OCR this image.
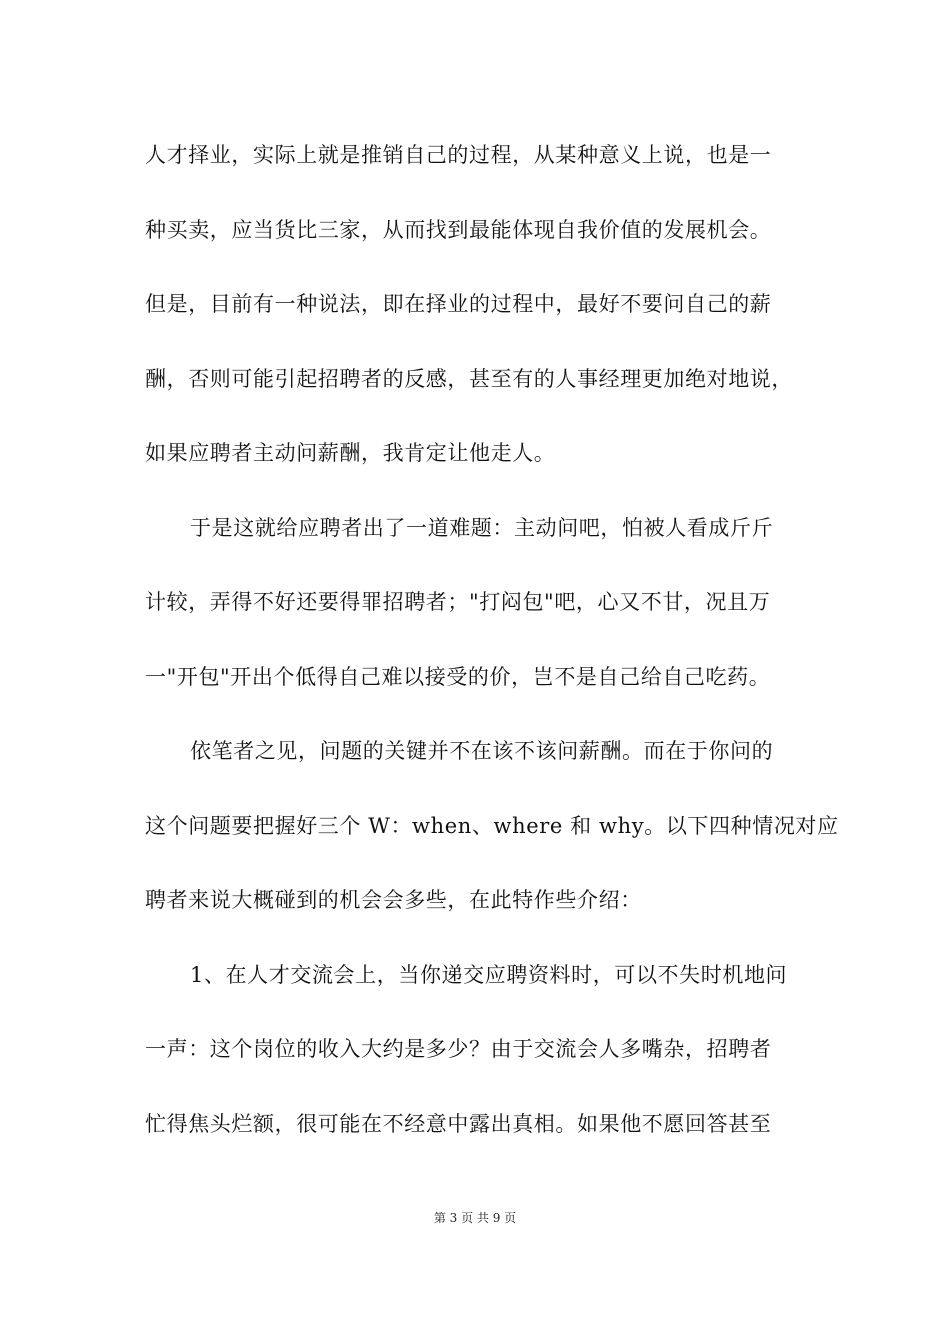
人才择业，实际上就是推销自己的过程，从某种意义上说，也是一
种买卖，应当货比三家，从而找到最能体现自我价值的发展机会。
但是，目前有一种说法，即在择业的过程中，最好不要问自己的薪
酬，否则可能引起招聘者的反感，甚至有的人事经理更加绝对地说，
如果应聘者主动问薪酬，我肯定让他走人。
于是这就给应聘者出了一道难题：主动问吧，怕被人看成斤斤
计较，弄得不好还要得罪招聘者；"打闷包"吧，心又不甘，况且万
一"开包"开出个低得自己难以接受的价，岂不是自己给自己吃药。
依笔者之见，问题的关键并不在该不该问薪酬。而在于你问的
这个问题要把握好三个 W：when、where 和 why。以下四种情况对应
聘者来说大概碰到的机会会多些，在此特作些介绍：
1、在人才交流会上，当你递交应聘资料时，可以不失时机地问
一声：这个岗位的收入大约是多少？由于交流会人多嘴杂，招聘者
忙得焦头烂额，很可能在不经意中露出真相。如果他不愿回答甚至
第 3 页 共 9 页
